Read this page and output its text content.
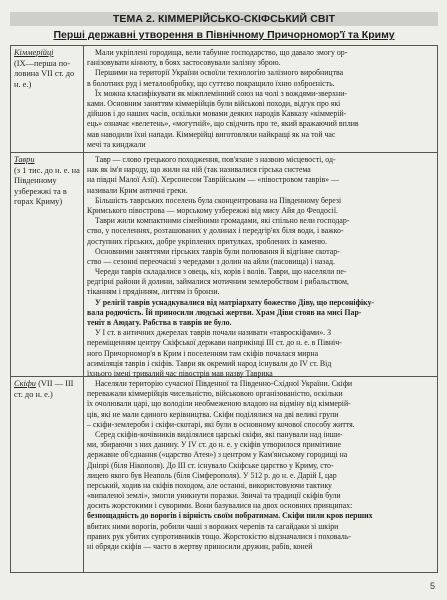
ТЕМА 2. КІММЕРІЙСЬКО-СКІФСЬКИЙ СВІТ
Перші державні утворення в Північному Причорномор'ї та Криму
Кіммерійці
(IX—перша половина VII ст. до н. е.)
Мали укріплені городища, вели табунне господарство, що давало змогу ор-
ганізовувати кінноту, в боях застосовували залізну зброю.
Першими на території України освоїли технологію залізного виробництва
в болотних руд і металообробку, що суттєво покращило їхню озброєність.
Їх можна класифікувати як міжплемінний союз на чолі з вождями-зверхни-
ками. Основним заняттям кіммерійців були військові походи, відгук про які
дійшов і до наших часів, оскільки мовами деяких народів Кавказу «кіммерій-
ець» означає «велетень», «могутній», що свідчить про те, який вражаючий вплив
мав наводили їхні напади. Кіммерійці виготовляли найкращі як на той час
мечі та кинджали
Таври
(з 1 тис. до н. е. на Південному узбережжі та в горах Криму)
Тавр — слово грецького походження, пов'язане з назвою місцевості, од-
нак як ім'я народу, що жили на ній (так називалися гірська система
на півдні Малої Азії). Херсонесом Таврійським — «півостровом таврів» —
називали Крим античні греки.
Більшість таврських поселень була сконцентрована на Південному березі
Кримського півострова — морському узбережжі від мису Айя до Феодосії.
Таври жили компактними сімейними громадами, які спільно вели господар-
ство, у поселеннях, розташованих у долинах і передгір'ях біля води, і важко-
доступних гірських, добре укріплених притулках, зроблених із каменю.
Основними заняттями гірських таврів були полювання й відгінне скотар-
ство — сезонні переочасні з чередами з долин на айли (пасовища) і назад.
Череди таврів складалися з овець, кіз, корів і волів. Таври, що населяли пе-
редгірні райони й долини, займалися мотичним землеробством і рибальством,
тіканням і прядінням, литтям із бронзи.
У релігії таврів уснадкувалися від матріархату божество Діву, що персоніфіку-
вала родючість. Їй приносили людські жертви. Храм Діви стояв на мисі Пар-
теніт в Аюдагу. Рабства в таврів не було.
У І ст. в античних джерелах таврів почали називати «тавроскіфами». З
переміщенням центру Скіфської держави наприкінці ІІІ ст. до н. е. в Північ-
ного Причорномор'я в Крим і поселенням там скіфів почалася мирна
асиміляція таврів і скіфів. Таври як окремий народ існували до IV ст. Від
їхнього імені тривалий час півострів мав назву Таврика
Скіфи (VII — III ст. до н. е.)
Населяли територію сучасної Південної та Південно-Східної України. Скіфи
переважали кіммерійців чисельністю, військовою організованістю, оскільки
їх очолювали царі, що володіли необмеженою владою на відміну від кіммерій-
ців, які не мали єдиного керівництва. Скіфи поділялися на дві великі групи
– скіфи-землероби і скіфи-скотарі, які були в основному кочової способу життя.
Серед скіфів-кочівників виділялися царські скіфи, які панували над інши-
ми, збираючи з них данину. У IV ст. до н. е. у скіфів утворилося примітивне
державне об'єднання («царство Атея») з центром у Кам'янському городищі на
Дніпрі (біля Нікополя). До ІІІ ст. існувало Скіфське царство у Криму, сто-
лицею якого був Неаполь (біля Сімферополя). У 512 р. до н. е. Дарій І, цар
перський, ходив на скіфів походом, але останні, використовуючи тактику
«випаленої землі», змогли уникнути поразки. Звичаї та традиції скіфів були
досить жорстокими і суворими. Вони базувалися на двох основних принципах:
безпощадність до ворогів і вірність своїм побратимам. Скіфи пили кров перших
вбитих ними ворогів, робили чаші з ворожих черепів та сагайдаки зі шкіри
правих рук убитих супротивників тощо. Жорстокістю відзначалися і поховаль-
ні обряди скіфів — часто в жертву приносили дружин, рабів, коней
5
